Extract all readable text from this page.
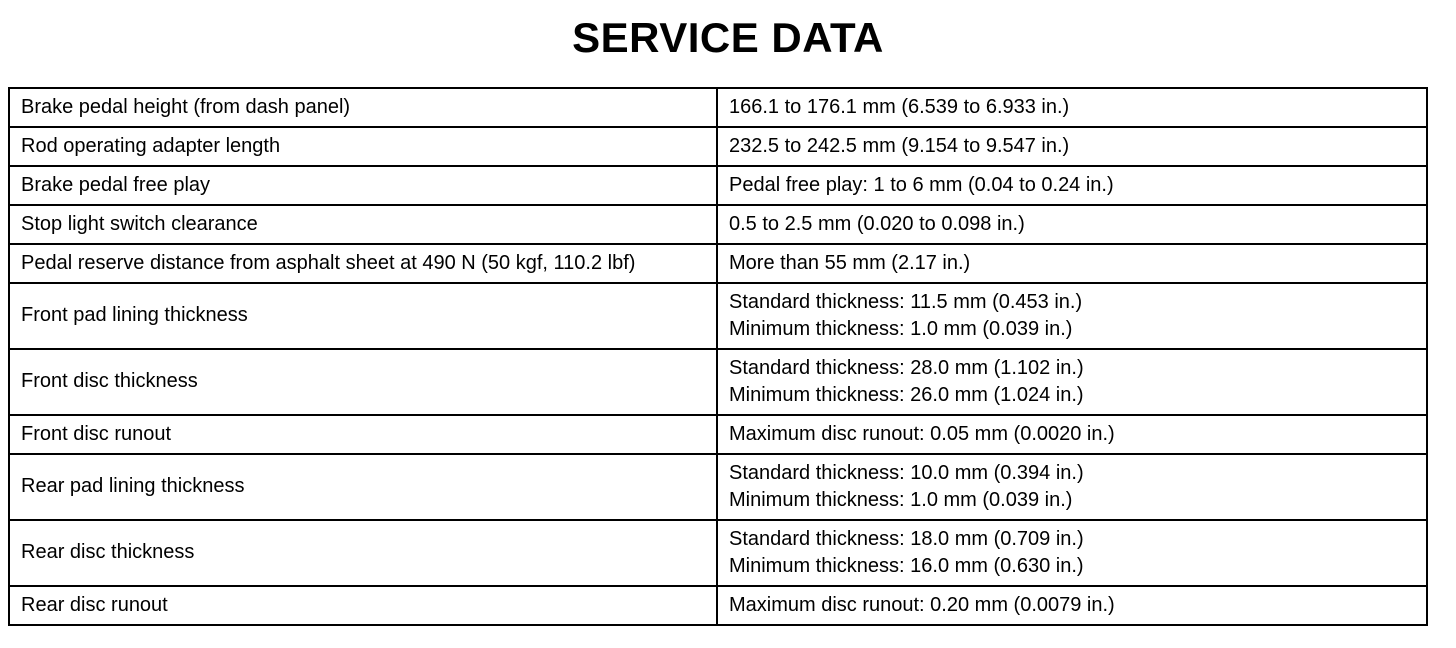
SERVICE DATA
Brake pedal height (from dash panel)	166.1 to 176.1 mm (6.539 to 6.933 in.)

Rod operating adapter length	232.5 to 242.5 mm (9.154 to 9.547 in.)

Brake pedal free play	Pedal free play: 1 to 6 mm (0.04 to 0.24 in.)

Stop light switch clearance	0.5 to 2.5 mm (0.020 to 0.098 in.)

Pedal reserve distance from asphalt sheet at 490 N (50 kgf, 110.2 lbf)	More than 55 mm (2.17 in.)

Front pad lining thickness	Standard thickness: 11.5 mm (0.453 in.)
Minimum thickness: 1.0 mm (0.039 in.)

Front disc thickness	Standard thickness: 28.0 mm (1.102 in.)
Minimum thickness: 26.0 mm (1.024 in.)

Front disc runout	Maximum disc runout: 0.05 mm (0.0020 in.)

Rear pad lining thickness	Standard thickness: 10.0 mm (0.394 in.)
Minimum thickness: 1.0 mm (0.039 in.)

Rear disc thickness	Standard thickness: 18.0 mm (0.709 in.)
Minimum thickness: 16.0 mm (0.630 in.)

Rear disc runout	Maximum disc runout: 0.20 mm (0.0079 in.)
